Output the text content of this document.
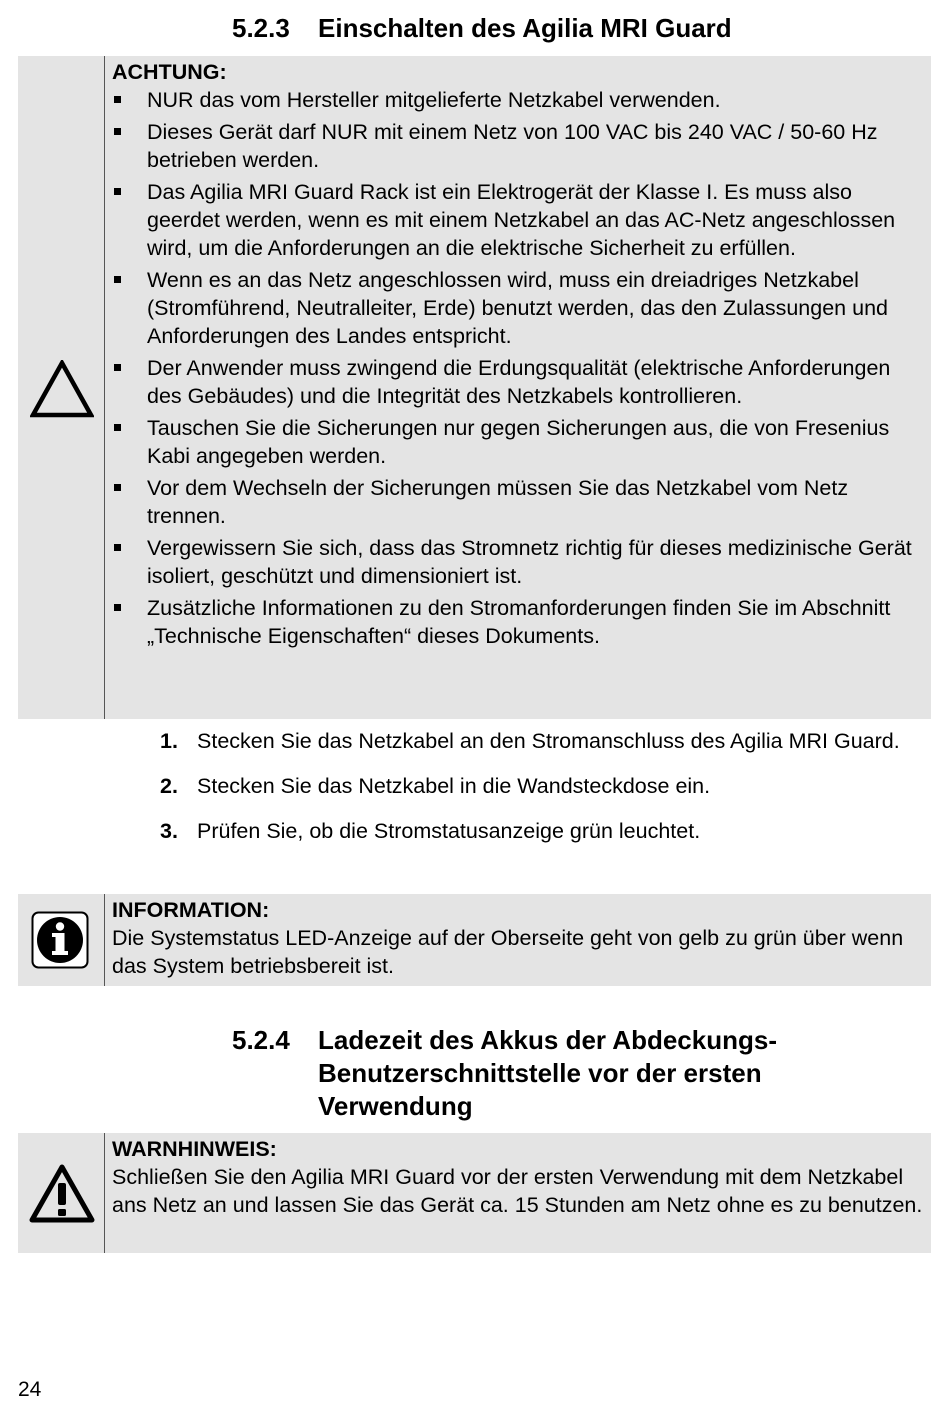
5.2.3 Einschalten des Agilia MRI Guard
ACHTUNG:
NUR das vom Hersteller mitgelieferte Netzkabel verwenden.
Dieses Gerät darf NUR mit einem Netz von 100 VAC bis 240 VAC / 50-60 Hz betrieben werden.
Das Agilia MRI Guard Rack ist ein Elektrogerät der Klasse I. Es muss also geerdet werden, wenn es mit einem Netzkabel an das AC-Netz angeschlossen wird, um die Anforderungen an die elektrische Sicherheit zu erfüllen.
Wenn es an das Netz angeschlossen wird, muss ein dreiadriges Netzkabel (Stromführend, Neutralleiter, Erde) benutzt werden, das den Zulassungen und Anforderungen des Landes entspricht.
Der Anwender muss zwingend die Erdungsqualität (elektrische Anforderungen des Gebäudes) und die Integrität des Netzkabels kontrollieren.
Tauschen Sie die Sicherungen nur gegen Sicherungen aus, die von Fresenius Kabi angegeben werden.
Vor dem Wechseln der Sicherungen müssen Sie das Netzkabel vom Netz trennen.
Vergewissern Sie sich, dass das Stromnetz richtig für dieses medizinische Gerät isoliert, geschützt und dimensioniert ist.
Zusätzliche Informationen zu den Stromanforderungen finden Sie im Abschnitt „Technische Eigenschaften“ dieses Dokuments.
1. Stecken Sie das Netzkabel an den Stromanschluss des Agilia MRI Guard.
2. Stecken Sie das Netzkabel in die Wandsteckdose ein.
3. Prüfen Sie, ob die Stromstatusanzeige grün leuchtet.
INFORMATION:
Die Systemstatus LED-Anzeige auf der Oberseite geht von gelb zu grün über wenn das System betriebsbereit ist.
5.2.4 Ladezeit des Akkus der Abdeckungs-Benutzerschnittstelle vor der ersten Verwendung
WARNHINWEIS:
Schließen Sie den Agilia MRI Guard vor der ersten Verwendung mit dem Netzkabel ans Netz an und lassen Sie das Gerät ca. 15 Stunden am Netz ohne es zu benutzen.
24
